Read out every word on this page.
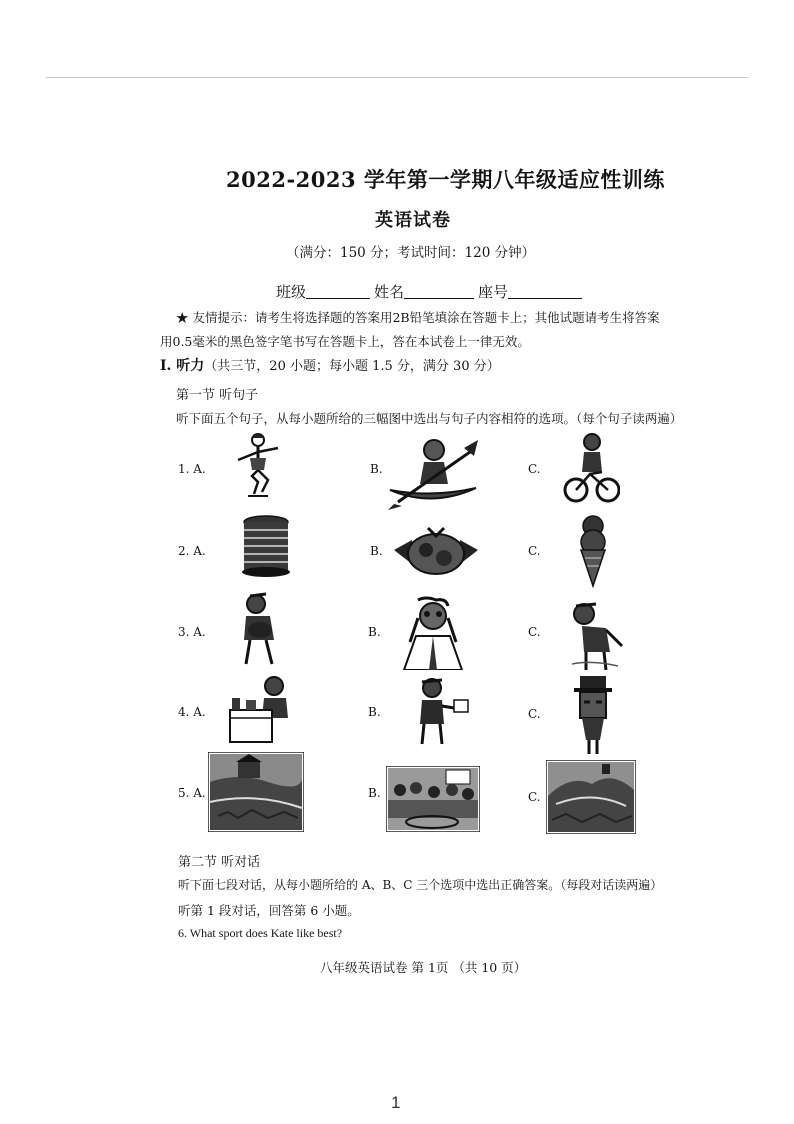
2022-2023 学年第一学期八年级适应性训练
英语试卷
（满分：150 分；考试时间：120 分钟）
班级	姓名	座号
★ 友情提示：请考生将选择题的答案用2B铅笔填涂在答题卡上；其他试题请考生将答案
用0.5毫米的黑色签字笔书写在答题卡上，答在本试卷上一律无效。
I. 听力（共三节，20 小题；每小题 1.5 分，满分 30 分）
第一节 听句子
听下面五个句子，从每小题所给的三幅图中选出与句子内容相符的选项。（每个句子读两遍）
1. A.	B.	C.
2. A.	B.	C.
3. A.	B.	C.
4. A.	B.	C.
5. A.	B.	C.
第二节 听对话
听下面七段对话，从每小题所给的 A、B、C 三个选项中选出正确答案。（每段对话读两遍）
听第 1 段对话，回答第 6 小题。
6. What sport does Kate like best?
八年级英语试卷 第 1页 （共 10 页）
1
